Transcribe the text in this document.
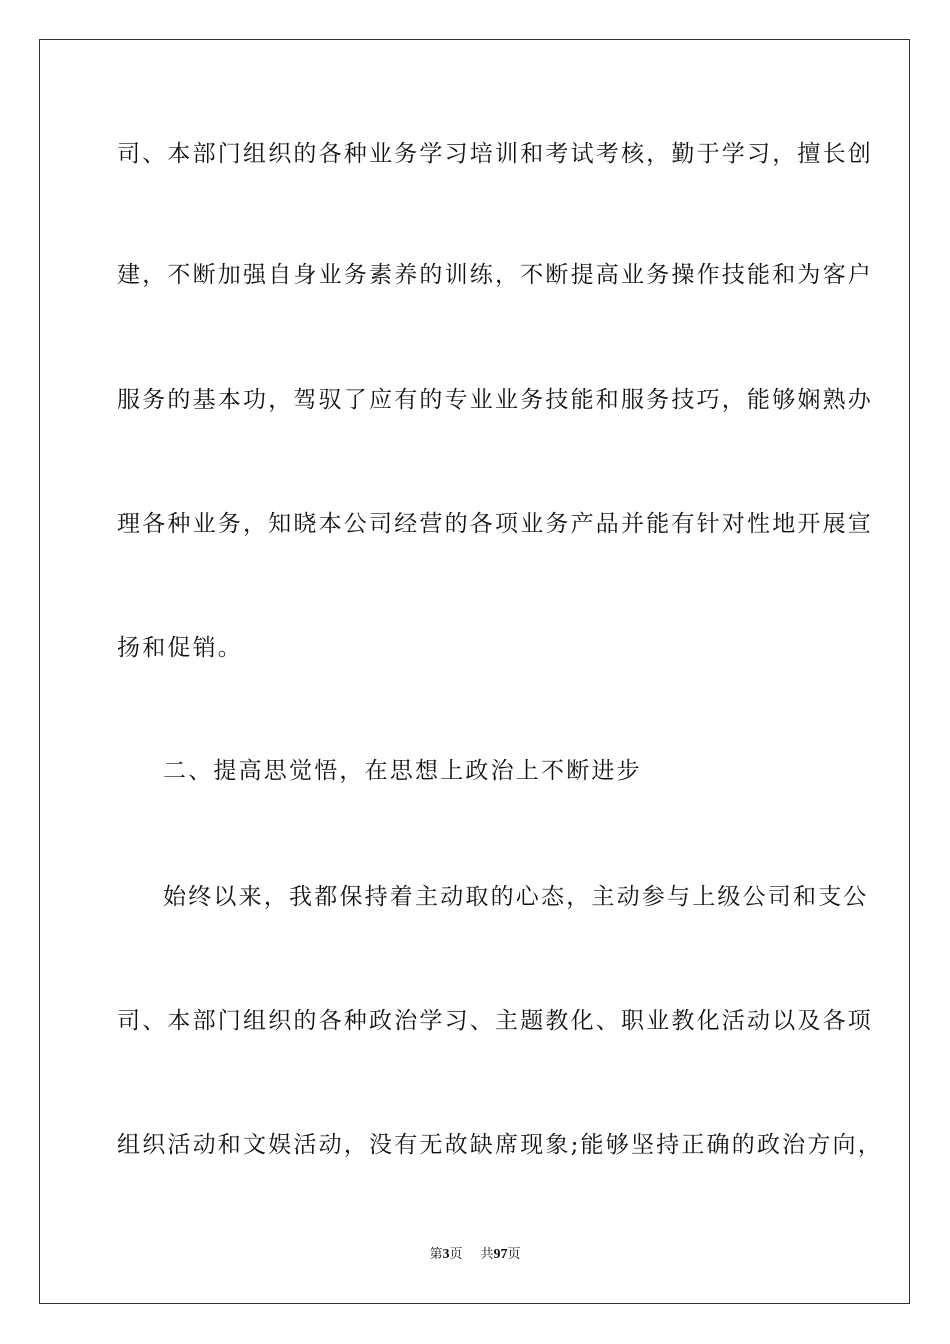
司、本部门组织的各种业务学习培训和考试考核，勤于学习，擅长创
建，不断加强自身业务素养的训练，不断提高业务操作技能和为客户
服务的基本功，驾驭了应有的专业业务技能和服务技巧，能够娴熟办
理各种业务，知晓本公司经营的各项业务产品并能有针对性地开展宣
扬和促销。
二、提高思觉悟，在思想上政治上不断进步
始终以来，我都保持着主动取的心态，主动参与上级公司和支公
司、本部门组织的各种政治学习、主题教化、职业教化活动以及各项
组织活动和文娱活动，没有无故缺席现象;能够坚持正确的政治方向，
第3页 共97页
